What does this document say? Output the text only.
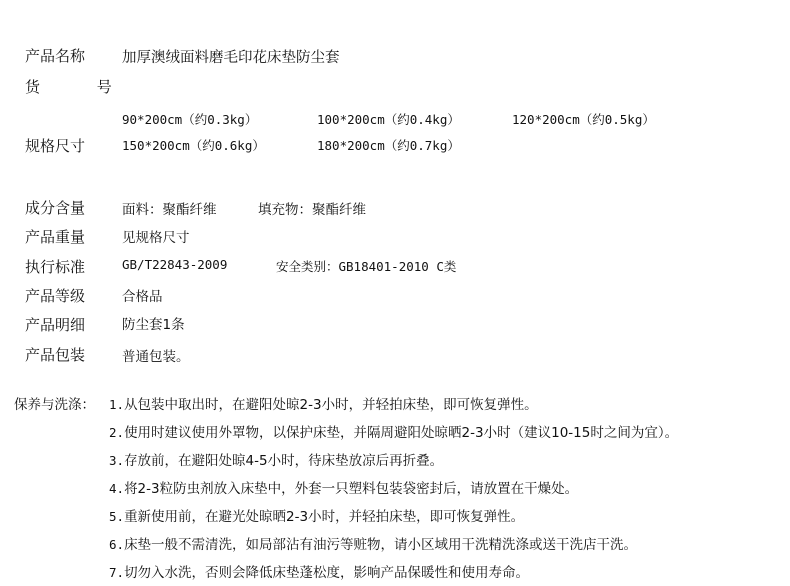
产品名称	加厚澳绒面料磨毛印花床垫防尘套
货 号
90*200cm（约0.3kg）	100*200cm（约0.4kg）	120*200cm（约0.5kg）
规格尺寸	150*200cm（约0.6kg）	180*200cm（约0.7kg）
成分含量	面料：聚酯纤维	填充物：聚酯纤维
产品重量	见规格尺寸
执行标准	GB/T22843-2009	安全类别：GB18401-2010 C类
产品等级	合格品
产品明细	防尘套1条
产品包装	普通包装。
保养与洗涤： 1.从包装中取出时，在避阳处晾2-3小时，并轻拍床垫，即可恢复弹性。
2.使用时建议使用外罩物，以保护床垫，并隔周避阳处晾晒2-3小时（建议10-15时之间为宜）。
3.存放前，在避阳处晾4-5小时，待床垫放凉后再折叠。
4.将2-3粒防虫剂放入床垫中，外套一只塑料包装袋密封后，请放置在干燥处。
5.重新使用前，在避光处晾晒2-3小时，并轻拍床垫，即可恢复弹性。
6.床垫一般不需清洗，如局部沾有油污等赃物，请小区域用干洗精洗涤或送干洗店干洗。
7.切勿入水洗，否则会降低床垫蓬松度，影响产品保暖性和使用寿命。
